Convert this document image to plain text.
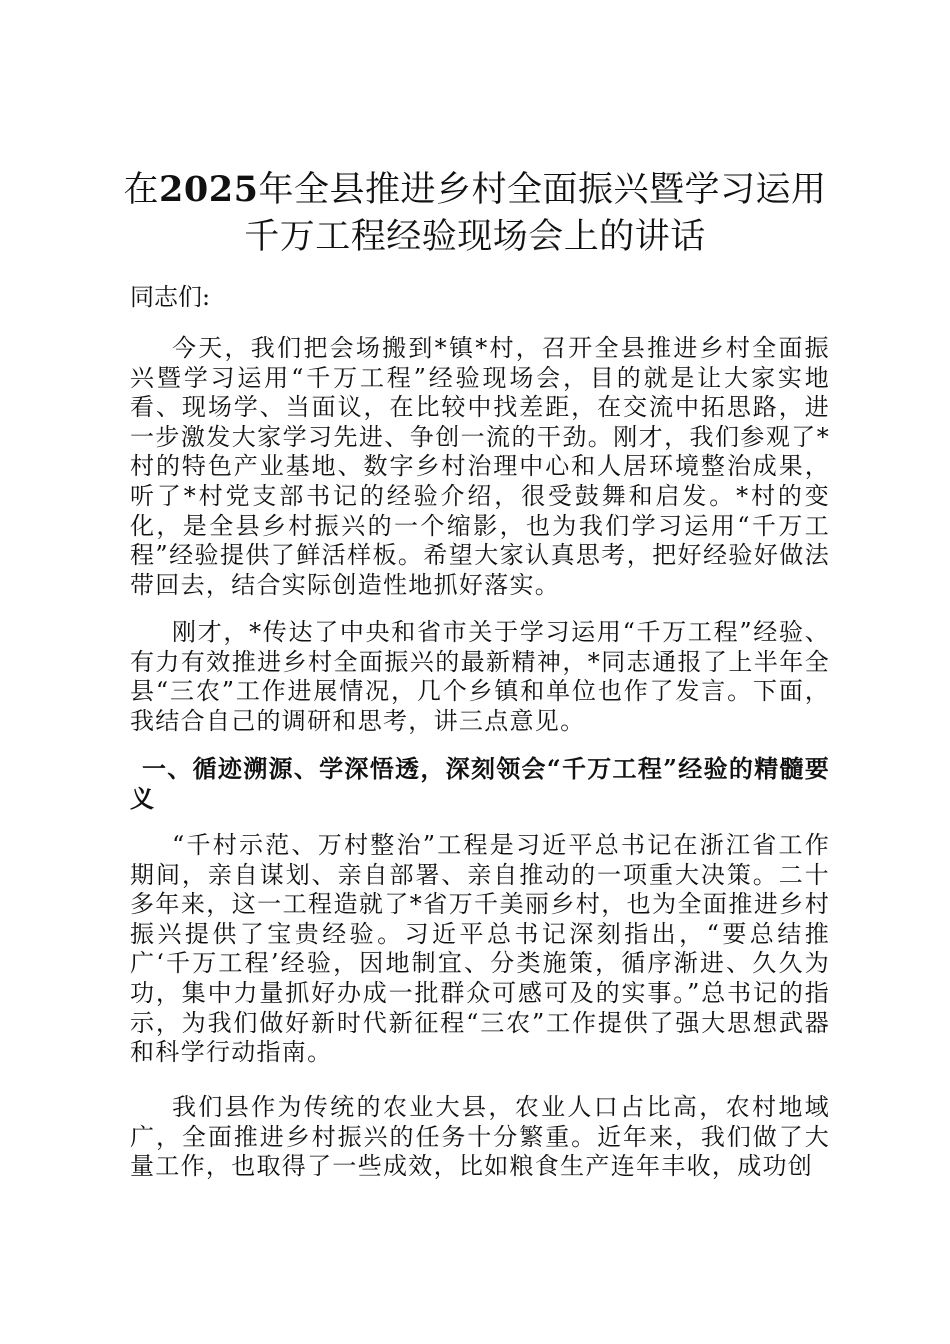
在2025年全县推进乡村全面振兴暨学习运用
千万工程经验现场会上的讲话

同志们:

今天，我们把会场搬到*镇*村，召开全县推进乡村全面振兴暨学习运用“千万工程”经验现场会，目的就是让大家实地看、现场学、当面议，在比较中找差距，在交流中拓思路，进一步激发大家学习先进、争创一流的干劲。刚才，我们参观了*村的特色产业基地、数字乡村治理中心和人居环境整治成果，听了*村党支部书记的经验介绍，很受鼓舞和启发。*村的变化，是全县乡村振兴的一个缩影，也为我们学习运用“千万工程”经验提供了鲜活样板。希望大家认真思考，把好经验好做法带回去，结合实际创造性地抓好落实。

刚才，*传达了中央和省市关于学习运用“千万工程”经验、有力有效推进乡村全面振兴的最新精神，*同志通报了上半年全县“三农”工作进展情况，几个乡镇和单位也作了发言。下面，我结合自己的调研和思考，讲三点意见。

一、循迹溯源、学深悟透，深刻领会“千万工程”经验的精髓要义

“千村示范、万村整治”工程是习近平总书记在浙江省工作期间，亲自谋划、亲自部署、亲自推动的一项重大决策。二十多年来，这一工程造就了*省万千美丽乡村，也为全面推进乡村振兴提供了宝贵经验。习近平总书记深刻指出，“要总结推广‘千万工程’经验，因地制宜、分类施策，循序渐进、久久为功，集中力量抓好办成一批群众可感可及的实事。”总书记的指示，为我们做好新时代新征程“三农”工作提供了强大思想武器和科学行动指南。

我们县作为传统的农业大县，农业人口占比高，农村地域广，全面推进乡村振兴的任务十分繁重。近年来，我们做了大量工作，也取得了一些成效，比如粮食生产连年丰收，成功创
